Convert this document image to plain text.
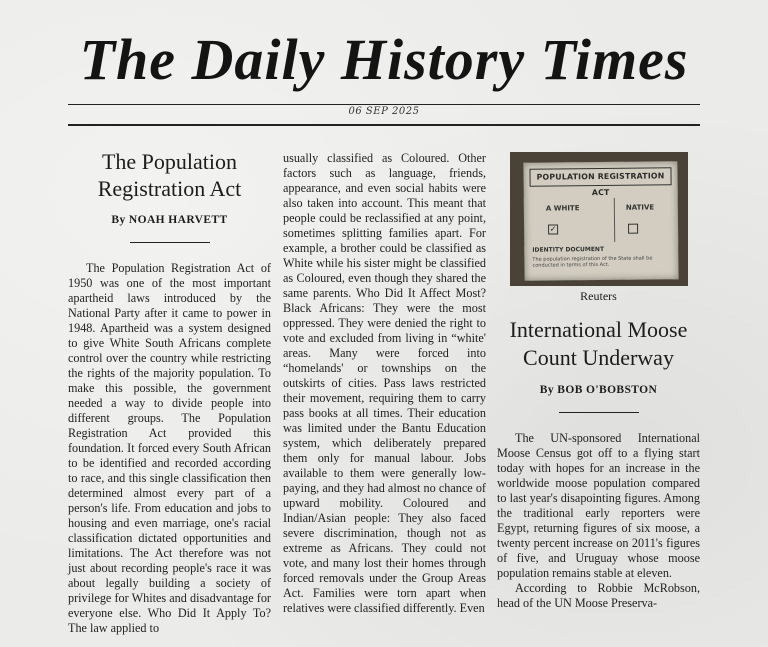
The Daily History Times
06 SEP 2025
The Population Registration Act
By NOAH HARVETT

The Population Registration Act of 1950 was one of the most important apartheid laws introduced by the National Party after it came to power in 1948. Apartheid was a system designed to give White South Africans complete control over the country while restricting the rights of the majority population. To make this possible, the government needed a way to divide people into different groups. The Population Registration Act provided this foundation. It forced every South African to be identified and recorded according to race, and this single classification then determined almost every part of a person's life. From education and jobs to housing and even marriage, one's racial classification dictated opportunities and limitations. The Act therefore was not just about recording people's race it was about legally building a society of privilege for Whites and disadvantage for everyone else. Who Did It Apply To? The law applied to

usually classified as Coloured. Other factors such as language, friends, appearance, and even social habits were also taken into account. This meant that people could be reclassified at any point, sometimes splitting families apart. For example, a brother could be classified as White while his sister might be classified as Coloured, even though they shared the same parents. Who Did It Affect Most? Black Africans: They were the most oppressed. They were denied the right to vote and excluded from living in “white' areas. Many were forced into “homelands' or townships on the outskirts of cities. Pass laws restricted their movement, requiring them to carry pass books at all times. Their education was limited under the Bantu Education system, which deliberately prepared them only for manual labour. Jobs available to them were generally low-paying, and they had almost no chance of upward mobility. Coloured and Indian/Asian people: They also faced severe discrimination, though not as extreme as Africans. They could not vote, and many lost their homes through forced removals under the Group Areas Act. Families were torn apart when relatives were classified differently. Even

POPULATION REGISTRATION ACT
A WHITE	NATIVE
✓
IDENTITY DOCUMENT
The population registration of the State shall be conducted in terms of this Act.
Reuters
International Moose Count Underway
By BOB O'BOBSTON

The UN-sponsored International Moose Census got off to a flying start today with hopes for an increase in the worldwide moose population compared to last year's disapointing figures. Among the traditional early reporters were Egypt, returning figures of six moose, a twenty percent increase on 2011's figures of five, and Uruguay whose moose population remains stable at eleven.

According to Robbie McRobson, head of the UN Moose Preserva-
